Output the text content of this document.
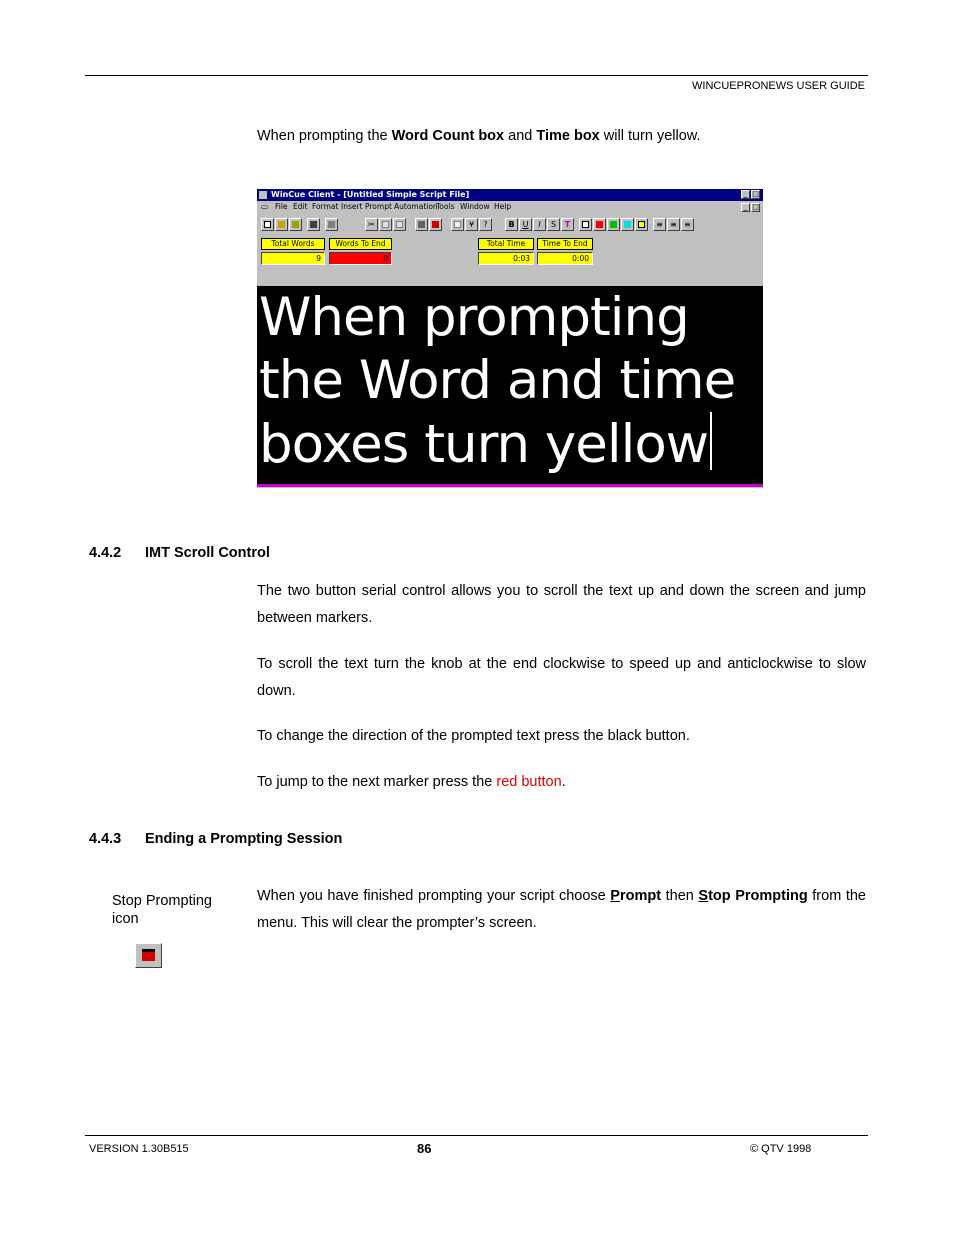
WINCUEPRONEWS USER GUIDE
When prompting the Word Count box and Time box will turn yellow.
WinCue Client - [Untitled Simple Script File]	_ □
▭ File Edit Format Insert Prompt Automation
Tools Window Help	_ □
✂	¥	?	B	U	I	S	T	≡ ≡ ≡
Total Words	Words To End	Total Time	Time To End
9	0	0:03	0:00
When prompting
the Word and time
boxes turn yellow
4.4.2 IMT Scroll Control
The two button serial control allows you to scroll the text up and down the screen and jump between markers.
To scroll the text turn the knob at the end clockwise to speed up and anticlockwise to slow down.
To change the direction of the prompted text press the black button.
To jump to the next marker press the red button.
4.4.3 Ending a Prompting Session
Stop Prompting icon
When you have finished prompting your script choose Prompt then Stop Prompting from the menu. This will clear the prompter’s screen.
VERSION 1.30B515	86	© QTV 1998
